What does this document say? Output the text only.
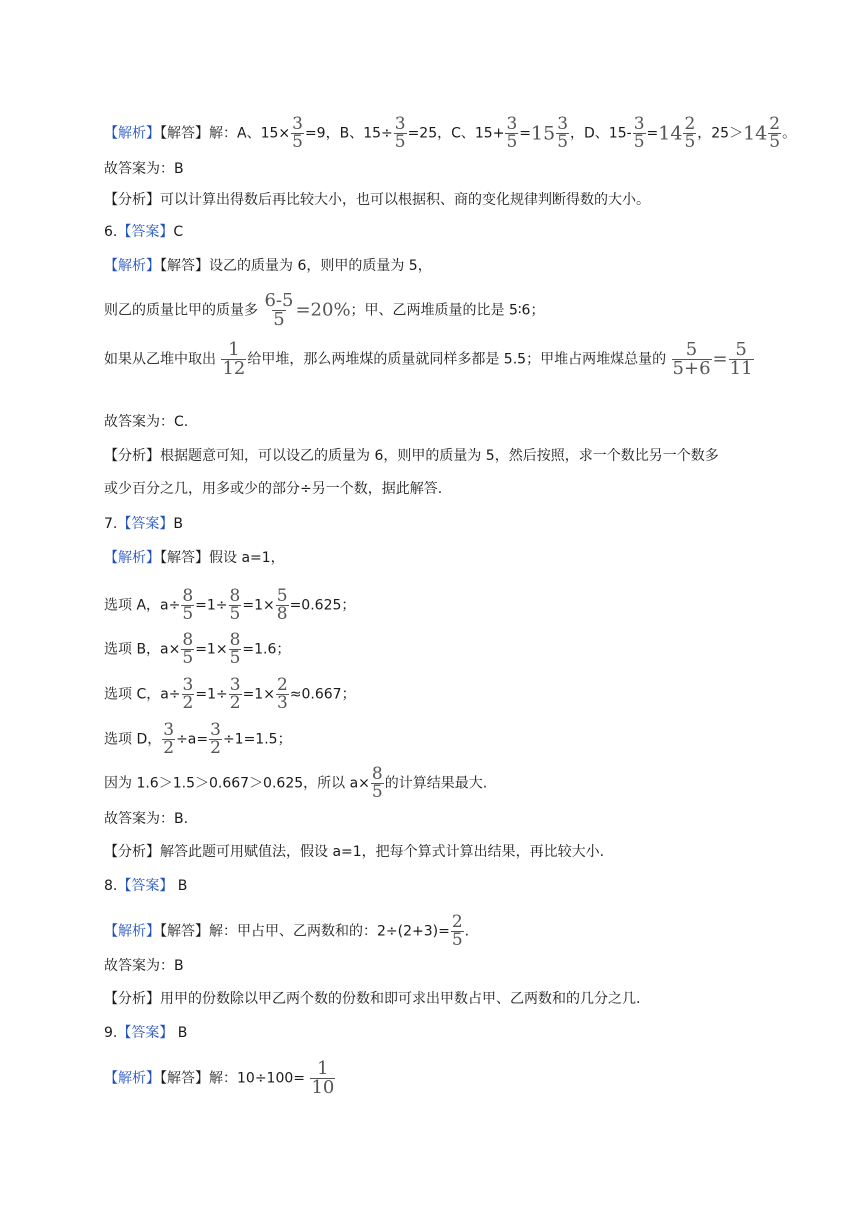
【解析】【解答】解：A、$15\times \frac{3}{5} =9$，B、$15\div \frac{3}{5} =25$，C、$15+ \frac{3}{5} =15 \frac{3}{5}$ ，D、$15- \frac{3}{5} =14 \frac{2}{5}$ ，$25>14 \frac{2}{5}$ 。
故答案为：B
【分析】可以计算出得数后再比较大小，也可以根据积、商的变化规律判断得数的大小。
6.【答案】C
【解析】【解答】设乙的质量为 6，则甲的质量为 5，
则乙的质量比甲的质量多 $\frac{6-5}{5} =20\%$；甲、乙两堆质量的比是 5∶6；
如果从乙堆中取出 $\frac{1}{12}$ 给甲堆，那么两堆煤的质量就同样多都是 5.5；甲堆占两堆煤总量的 $\frac{5}{5+6} = \frac{5}{11}$
故答案为：C.
【分析】根据题意可知，可以设乙的质量为 6，则甲的质量为 5，然后按照，求一个数比另一个数多
或少百分之几，用多或少的部分÷另一个数，据此解答.
7.【答案】B
【解析】【解答】假设 a=1，
选项 A，$a\div \frac{8}{5} =1\div \frac{8}{5} =1\times \frac{5}{8} =0.625$；
选项 B，$a\times \frac{8}{5} =1\times \frac{8}{5} =1.6$；
选项 C，$a\div \frac{3}{2} =1\div \frac{3}{2} =1\times \frac{2}{3} \approx 0.667$；
选项 D， $\frac{3}{2} \div a= \frac{3}{2} \div 1=1.5$；
因为 1.6＞1.5＞0.667＞0.625，所以 $a\times \frac{8}{5}$ 的计算结果最大.
故答案为：B.
【分析】解答此题可用赋值法，假设 a=1，把每个算式计算出结果，再比较大小.
8.【答案】 B
【解析】【解答】解：甲占甲、乙两数和的：$2\div(2+3)= \frac{2}{5}$ .
故答案为：B
【分析】用甲的份数除以甲乙两个数的份数和即可求出甲数占甲、乙两数和的几分之几.
9.【答案】 B
【解析】【解答】解：$10\div 100= \frac{1}{10}$
